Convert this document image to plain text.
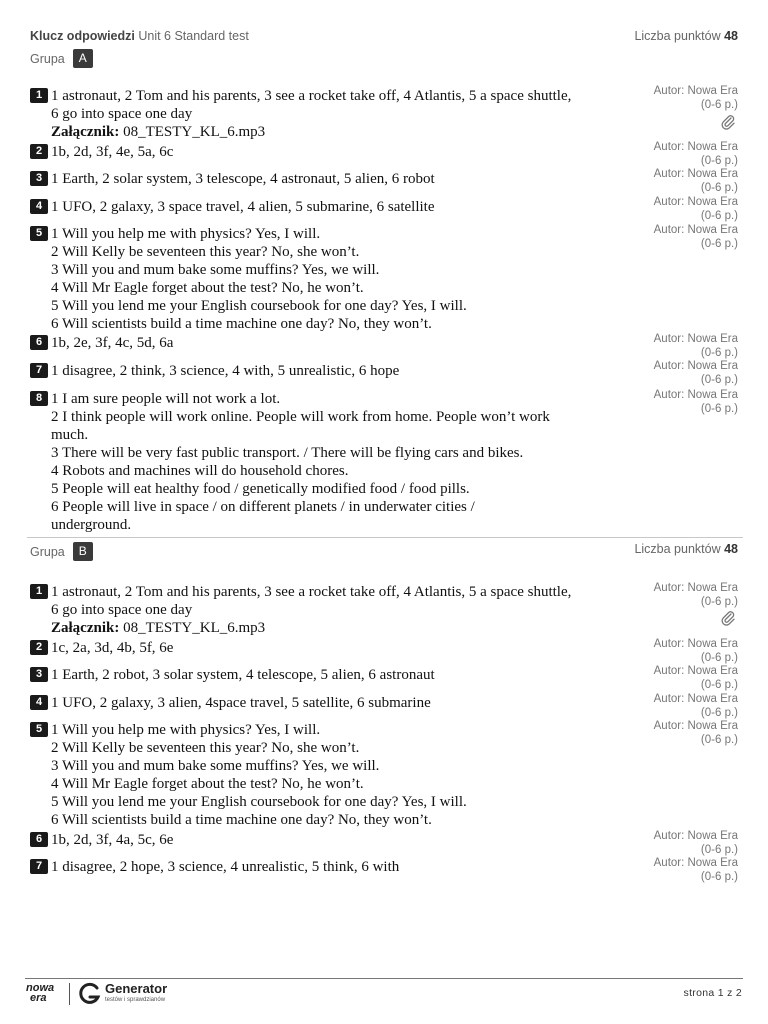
Klucz odpowiedzi Unit 6 Standard test	Liczba punktów 48
Grupa A
1 1 astronaut, 2 Tom and his parents, 3 see a rocket take off, 4 Atlantis, 5 a space shuttle,
6 go into space one day
Załącznik: 08_TESTY_KL_6.mp3
Autor: Nowa Era
(0-6 p.)
2 1b, 2d, 3f, 4e, 5a, 6c	Autor: Nowa Era
(0-6 p.)
3 1 Earth, 2 solar system, 3 telescope, 4 astronaut, 5 alien, 6 robot	Autor: Nowa Era
(0-6 p.)
4 1 UFO, 2 galaxy, 3 space travel, 4 alien, 5 submarine, 6 satellite	Autor: Nowa Era
(0-6 p.)
5 1 Will you help me with physics? Yes, I will.
2 Will Kelly be seventeen this year? No, she won’t.
3 Will you and mum bake some muffins? Yes, we will.
4 Will Mr Eagle forget about the test? No, he won’t.
5 Will you lend me your English coursebook for one day? Yes, I will.
6 Will scientists build a time machine one day? No, they won’t.
Autor: Nowa Era
(0-6 p.)
6 1b, 2e, 3f, 4c, 5d, 6a	Autor: Nowa Era
(0-6 p.)
7 1 disagree, 2 think, 3 science, 4 with, 5 unrealistic, 6 hope	Autor: Nowa Era
(0-6 p.)
8 1 I am sure people will not work a lot.
2 I think people will work online. People will work from home. People won’t work
much.
3 There will be very fast public transport. / There will be flying cars and bikes.
4 Robots and machines will do household chores.
5 People will eat healthy food / genetically modified food / food pills.
6 People will live in space / on different planets / in underwater cities /
underground.
Autor: Nowa Era
(0-6 p.)
Grupa B	Liczba punktów 48
1 1 astronaut, 2 Tom and his parents, 3 see a rocket take off, 4 Atlantis, 5 a space shuttle,
6 go into space one day
Załącznik: 08_TESTY_KL_6.mp3
Autor: Nowa Era
(0-6 p.)
2 1c, 2a, 3d, 4b, 5f, 6e	Autor: Nowa Era
(0-6 p.)
3 1 Earth, 2 robot, 3 solar system, 4 telescope, 5 alien, 6 astronaut	Autor: Nowa Era
(0-6 p.)
4 1 UFO, 2 galaxy, 3 alien, 4space travel, 5 satellite, 6 submarine	Autor: Nowa Era
(0-6 p.)
5 1 Will you help me with physics? Yes, I will.
2 Will Kelly be seventeen this year? No, she won’t.
3 Will you and mum bake some muffins? Yes, we will.
4 Will Mr Eagle forget about the test? No, he won’t.
5 Will you lend me your English coursebook for one day? Yes, I will.
6 Will scientists build a time machine one day? No, they won’t.
Autor: Nowa Era
(0-6 p.)
6 1b, 2d, 3f, 4a, 5c, 6e	Autor: Nowa Era
(0-6 p.)
7 1 disagree, 2 hope, 3 science, 4 unrealistic, 5 think, 6 with	Autor: Nowa Era
(0-6 p.)
nowa
era
Generator
testów i sprawdzianów
strona 1 z 2
